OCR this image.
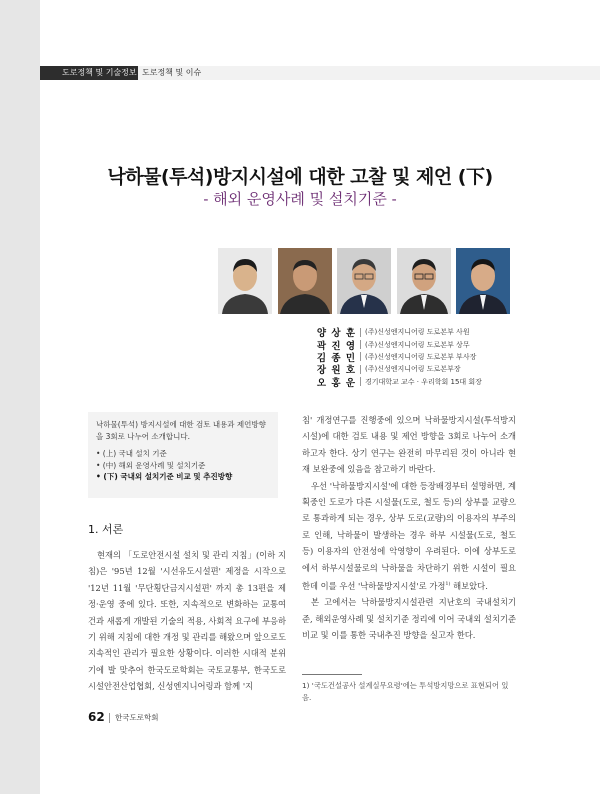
도로정책 및 기술정보 도로정책 및 이슈
낙하물(투석)방지시설에 대한 고찰 및 제언 (下)
- 해외 운영사례 및 설치기준 -
양 상 훈 (주)신성엔지니어링 도로본부 사원
곽 진 영 (주)신성엔지니어링 도로본부 상무
김 종 민 (주)신성엔지니어링 도로본부 부사장
장 원 호 (주)신성엔지니어링 도로본부장
오 홍 운 경기대학교 교수 · 우리학회 15대 회장
낙하물(투석) 방지시설에 대한 검토 내용과 제언방향을 3회로 나누어 소개합니다.
• (上) 국내 설치 기준
• (中) 해외 운영사례 및 설치기준
• (下) 국내외 설치기준 비교 및 추진방향
1. 서론

현재의 「도로안전시설 설치 및 관리 지침」(이하 지침)은 '95년 12월 '시선유도시설편' 제정을 시작으로 '12년 11월 '무단횡단금지시설편' 까지 총 13편을 제정·운영 중에 있다. 또한, 지속적으로 변화하는 교통여건과 새롭게 개발된 기술의 적용, 사회적 요구에 부응하기 위해 지침에 대한 개정 및 관리를 해왔으며 앞으로도 지속적인 관리가 필요한 상황이다. 이러한 시대적 분위기에 발 맞추어 한국도로학회는 국토교통부, 한국도로시설안전산업협회, 신성엔지니어링과 함께 '지

침' 개정연구를 진행중에 있으며 낙하물방지시설(투석방지시설)에 대한 검토 내용 및 제언 방향을 3회로 나누어 소개하고자 한다. 상기 연구는 완전히 마무리된 것이 아니라 현재 보완중에 있음을 참고하기 바란다.

우선 '낙하물방지시설'에 대한 등장배경부터 설명하면, 계획중인 도로가 다른 시설물(도로, 철도 등)의 상부를 교량으로 통과하게 되는 경우, 상부 도로(교량)의 이용자의 부주의로 인해, 낙하물이 발생하는 경우 하부 시설물(도로, 철도 등) 이용자의 안전성에 악영향이 우려된다. 이에 상부도로에서 하부시설물로의 낙하물을 차단하기 위한 시설이 필요한데 이를 우선 '낙하물방지시설'로 가정$^{1)}$ 해보았다.

본 고에서는 낙하물방지시설관련 지난호의 국내설치기준, 해외운영사례 및 설치기준 정리에 이어 국내외 설치기준 비교 및 이를 통한 국내추진 방향을 실고자 한다.

1) '국도건설공사 설계실무요령'에는 투석방지망으로 표현되어 있음.
62 한국도로학회
